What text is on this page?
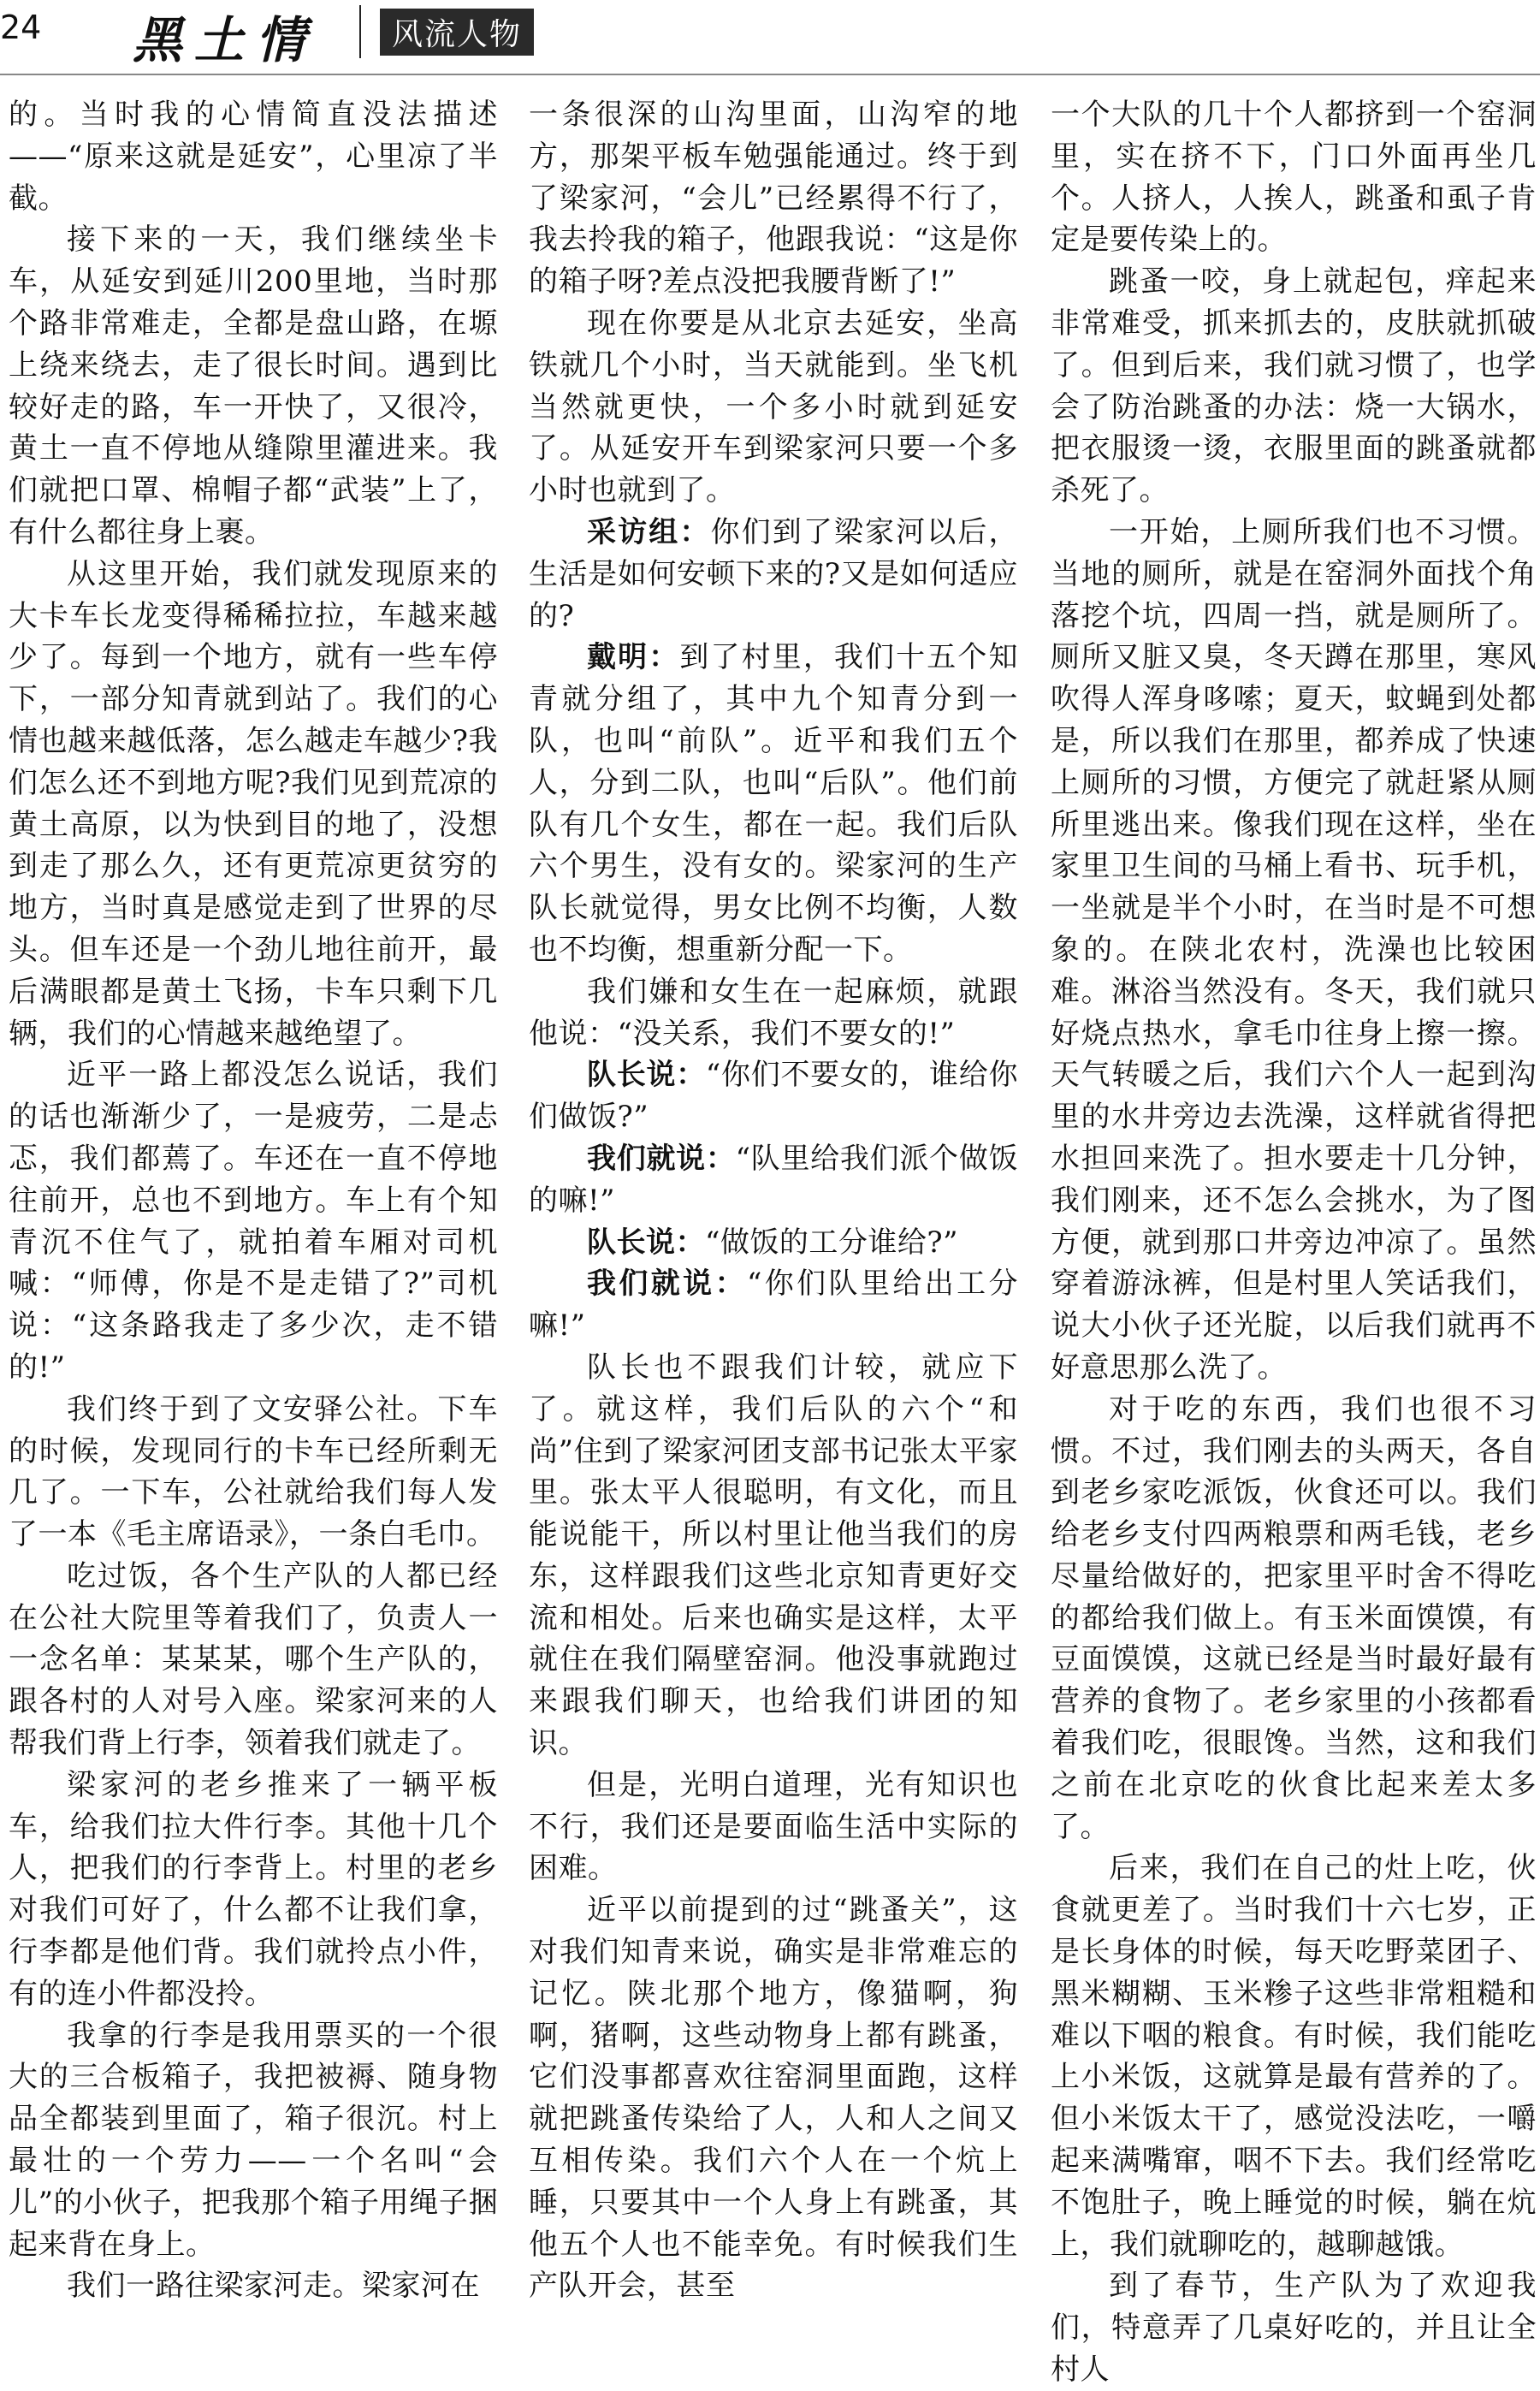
24 黑土情	风流人物

的。当时我的心情简直没法描述——“原来这就是延安”，心里凉了半截。

接下来的一天，我们继续坐卡车，从延安到延川200里地，当时那个路非常难走，全都是盘山路，在塬上绕来绕去，走了很长时间。遇到比较好走的路，车一开快了，又很冷，黄土一直不停地从缝隙里灌进来。我们就把口罩、棉帽子都“武装”上了，有什么都往身上裹。

从这里开始，我们就发现原来的大卡车长龙变得稀稀拉拉，车越来越少了。每到一个地方，就有一些车停下，一部分知青就到站了。我们的心情也越来越低落，怎么越走车越少?我们怎么还不到地方呢?我们见到荒凉的黄土高原，以为快到目的地了，没想到走了那么久，还有更荒凉更贫穷的地方，当时真是感觉走到了世界的尽头。但车还是一个劲儿地往前开，最后满眼都是黄土飞扬，卡车只剩下几辆，我们的心情越来越绝望了。

近平一路上都没怎么说话，我们的话也渐渐少了，一是疲劳，二是忐忑，我们都蔫了。车还在一直不停地往前开，总也不到地方。车上有个知青沉不住气了，就拍着车厢对司机喊：“师傅，你是不是走错了?”司机说：“这条路我走了多少次，走不错的!”

我们终于到了文安驿公社。下车的时候，发现同行的卡车已经所剩无几了。一下车，公社就给我们每人发了一本《毛主席语录》，一条白毛巾。

吃过饭，各个生产队的人都已经在公社大院里等着我们了，负责人一一念名单：某某某，哪个生产队的，跟各村的人对号入座。梁家河来的人帮我们背上行李，领着我们就走了。

梁家河的老乡推来了一辆平板车，给我们拉大件行李。其他十几个人，把我们的行李背上。村里的老乡对我们可好了，什么都不让我们拿，行李都是他们背。我们就拎点小件，有的连小件都没拎。

我拿的行李是我用票买的一个很大的三合板箱子，我把被褥、随身物品全都装到里面了，箱子很沉。村上最壮的一个劳力——一个名叫“会儿”的小伙子，把我那个箱子用绳子捆起来背在身上。

我们一路往梁家河走。梁家河在

一条很深的山沟里面，山沟窄的地方，那架平板车勉强能通过。终于到了梁家河，“会儿”已经累得不行了，我去拎我的箱子，他跟我说：“这是你的箱子呀?差点没把我腰背断了!”

现在你要是从北京去延安，坐高铁就几个小时，当天就能到。坐飞机当然就更快，一个多小时就到延安了。从延安开车到梁家河只要一个多小时也就到了。

采访组：你们到了梁家河以后，生活是如何安顿下来的?又是如何适应的?

戴明：到了村里，我们十五个知青就分组了，其中九个知青分到一队，也叫“前队”。近平和我们五个人，分到二队，也叫“后队”。他们前队有几个女生，都在一起。我们后队六个男生，没有女的。梁家河的生产队长就觉得，男女比例不均衡，人数也不均衡，想重新分配一下。

我们嫌和女生在一起麻烦，就跟他说：“没关系，我们不要女的!”

队长说：“你们不要女的，谁给你们做饭?”

我们就说：“队里给我们派个做饭的嘛!”

队长说：“做饭的工分谁给?”

我们就说：“你们队里给出工分嘛!”

队长也不跟我们计较，就应下了。就这样，我们后队的六个“和尚”住到了梁家河团支部书记张太平家里。张太平人很聪明，有文化，而且能说能干，所以村里让他当我们的房东，这样跟我们这些北京知青更好交流和相处。后来也确实是这样，太平就住在我们隔壁窑洞。他没事就跑过来跟我们聊天，也给我们讲团的知识。

但是，光明白道理，光有知识也不行，我们还是要面临生活中实际的困难。

近平以前提到的过“跳蚤关”，这对我们知青来说，确实是非常难忘的记忆。陕北那个地方，像猫啊，狗啊，猪啊，这些动物身上都有跳蚤，它们没事都喜欢往窑洞里面跑，这样就把跳蚤传染给了人，人和人之间又互相传染。我们六个人在一个炕上睡，只要其中一个人身上有跳蚤，其他五个人也不能幸免。有时候我们生产队开会，甚至

一个大队的几十个人都挤到一个窑洞里，实在挤不下，门口外面再坐几个。人挤人，人挨人，跳蚤和虱子肯定是要传染上的。

跳蚤一咬，身上就起包，痒起来非常难受，抓来抓去的，皮肤就抓破了。但到后来，我们就习惯了，也学会了防治跳蚤的办法：烧一大锅水，把衣服烫一烫，衣服里面的跳蚤就都杀死了。

一开始，上厕所我们也不习惯。当地的厕所，就是在窑洞外面找个角落挖个坑，四周一挡，就是厕所了。厕所又脏又臭，冬天蹲在那里，寒风吹得人浑身哆嗦；夏天，蚊蝇到处都是，所以我们在那里，都养成了快速上厕所的习惯，方便完了就赶紧从厕所里逃出来。像我们现在这样，坐在家里卫生间的马桶上看书、玩手机，一坐就是半个小时，在当时是不可想象的。在陕北农村，洗澡也比较困难。淋浴当然没有。冬天，我们就只好烧点热水，拿毛巾往身上擦一擦。天气转暖之后，我们六个人一起到沟里的水井旁边去洗澡，这样就省得把水担回来洗了。担水要走十几分钟，我们刚来，还不怎么会挑水，为了图方便，就到那口井旁边冲凉了。虽然穿着游泳裤，但是村里人笑话我们，说大小伙子还光腚，以后我们就再不好意思那么洗了。

对于吃的东西，我们也很不习惯。不过，我们刚去的头两天，各自到老乡家吃派饭，伙食还可以。我们给老乡支付四两粮票和两毛钱，老乡尽量给做好的，把家里平时舍不得吃的都给我们做上。有玉米面馍馍，有豆面馍馍，这就已经是当时最好最有营养的食物了。老乡家里的小孩都看着我们吃，很眼馋。当然，这和我们之前在北京吃的伙食比起来差太多了。

后来，我们在自己的灶上吃，伙食就更差了。当时我们十六七岁，正是长身体的时候，每天吃野菜团子、黑米糊糊、玉米糁子这些非常粗糙和难以下咽的粮食。有时候，我们能吃上小米饭，这就算是最有营养的了。但小米饭太干了，感觉没法吃，一嚼起来满嘴窜，咽不下去。我们经常吃不饱肚子，晚上睡觉的时候，躺在炕上，我们就聊吃的，越聊越饿。

到了春节，生产队为了欢迎我们，特意弄了几桌好吃的，并且让全村人
